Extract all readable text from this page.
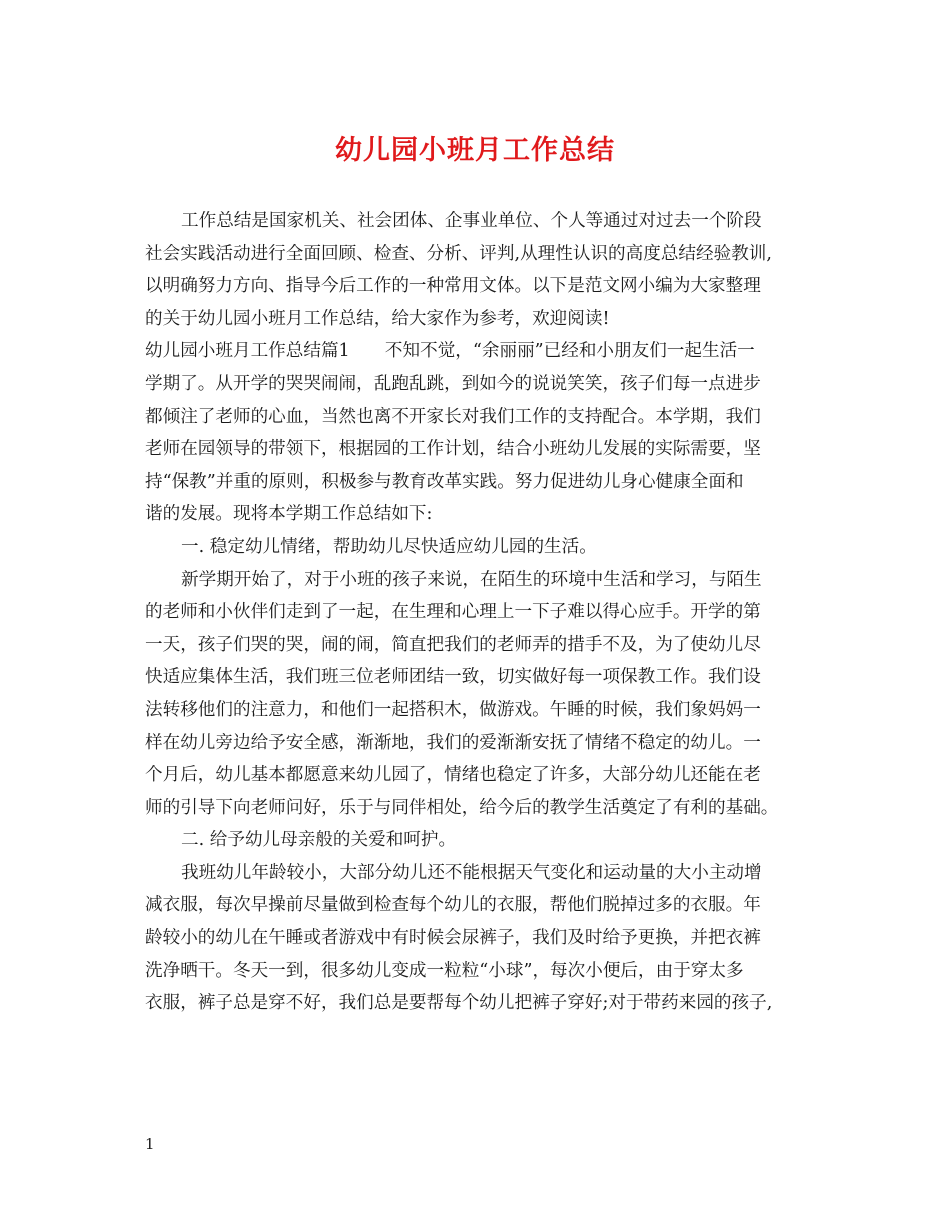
幼儿园小班月工作总结
工作总结是国家机关、社会团体、企事业单位、个人等通过对过去一个阶段
社会实践活动进行全面回顾、检查、分析、评判,从理性认识的高度总结经验教训,
以明确努力方向、指导今后工作的一种常用文体。以下是范文网小编为大家整理
的关于幼儿园小班月工作总结，给大家作为参考，欢迎阅读!
幼儿园小班月工作总结篇1　　不知不觉，“余丽丽”已经和小朋友们一起生活一
学期了。从开学的哭哭闹闹，乱跑乱跳，到如今的说说笑笑，孩子们每一点进步
都倾注了老师的心血，当然也离不开家长对我们工作的支持配合。本学期，我们
老师在园领导的带领下，根据园的工作计划，结合小班幼儿发展的实际需要，坚
持“保教”并重的原则，积极参与教育改革实践。努力促进幼儿身心健康全面和
谐的发展。现将本学期工作总结如下:
一. 稳定幼儿情绪，帮助幼儿尽快适应幼儿园的生活。
新学期开始了，对于小班的孩子来说，在陌生的环境中生活和学习，与陌生
的老师和小伙伴们走到了一起，在生理和心理上一下子难以得心应手。开学的第
一天，孩子们哭的哭，闹的闹，简直把我们的老师弄的措手不及，为了使幼儿尽
快适应集体生活，我们班三位老师团结一致，切实做好每一项保教工作。我们设
法转移他们的注意力，和他们一起搭积木，做游戏。午睡的时候，我们象妈妈一
样在幼儿旁边给予安全感，渐渐地，我们的爱渐渐安抚了情绪不稳定的幼儿。一
个月后，幼儿基本都愿意来幼儿园了，情绪也稳定了许多，大部分幼儿还能在老
师的引导下向老师问好，乐于与同伴相处，给今后的教学生活奠定了有利的基础。
二. 给予幼儿母亲般的关爱和呵护。
我班幼儿年龄较小，大部分幼儿还不能根据天气变化和运动量的大小主动增
减衣服，每次早操前尽量做到检查每个幼儿的衣服，帮他们脱掉过多的衣服。年
龄较小的幼儿在午睡或者游戏中有时候会尿裤子，我们及时给予更换，并把衣裤
洗净晒干。冬天一到，很多幼儿变成一粒粒“小球”，每次小便后，由于穿太多
衣服，裤子总是穿不好，我们总是要帮每个幼儿把裤子穿好;对于带药来园的孩子,
1
